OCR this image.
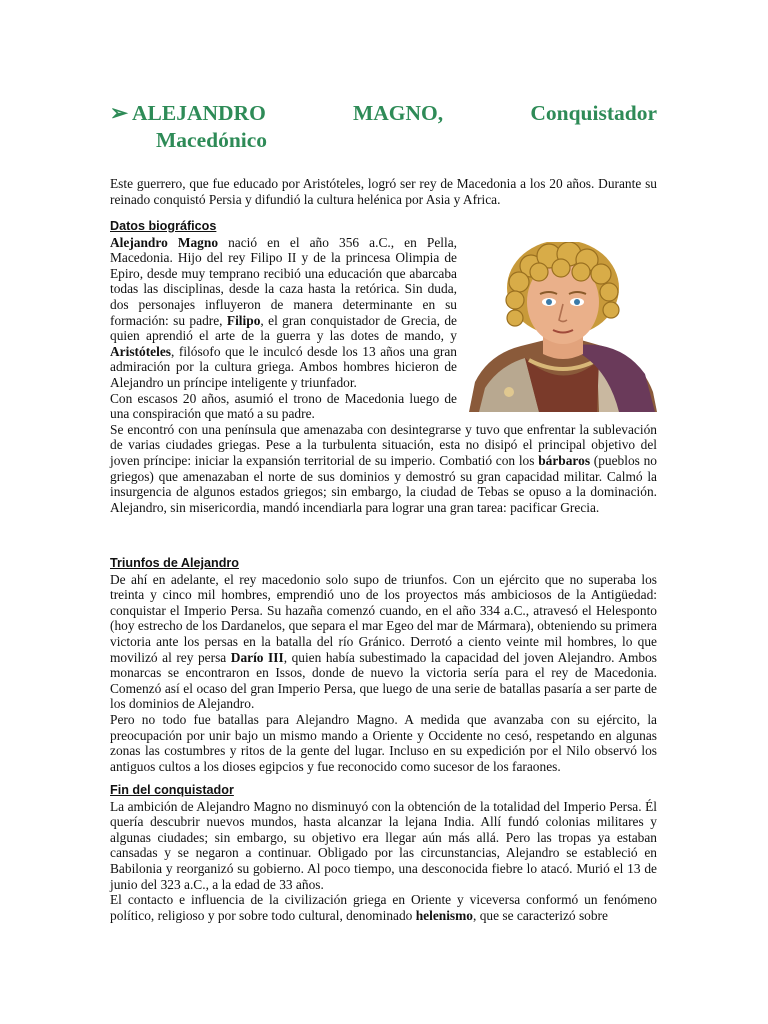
➢ ALEJANDRO	MAGNO,	Conquistador
Macedónico

Este guerrero, que fue educado por Aristóteles, logró ser rey de Macedonia a los 20 años. Durante su reinado conquistó Persia y difundió la cultura helénica por Asia y Africa.

Datos biográficos

Alejandro Magno nació en el año 356 a.C., en Pella, Macedonia. Hijo del rey Filipo II y de la princesa Olimpia de Epiro, desde muy temprano recibió una educación que abarcaba todas las disciplinas, desde la caza hasta la retórica. Sin duda, dos personajes influyeron de manera determinante en su formación: su padre, Filipo, el gran conquistador de Grecia, de quien aprendió el arte de la guerra y las dotes de mando, y Aristóteles, filósofo que le inculcó desde los 13 años una gran admiración por la cultura griega. Ambos hombres hicieron de Alejandro un príncipe inteligente y triunfador.

Con escasos 20 años, asumió el trono de Macedonia luego de una conspiración que mató a su padre.

Se encontró con una península que amenazaba con desintegrarse y tuvo que enfrentar la sublevación de varias ciudades griegas. Pese a la turbulenta situación, esta no disipó el principal objetivo del joven príncipe: iniciar la expansión territorial de su imperio. Combatió con los bárbaros (pueblos no griegos) que amenazaban el norte de sus dominios y demostró su gran capacidad militar. Calmó la insurgencia de algunos estados griegos; sin embargo, la ciudad de Tebas se opuso a la dominación. Alejandro, sin misericordia, mandó incendiarla para lograr una gran tarea: pacificar Grecia.

Triunfos de Alejandro

De ahí en adelante, el rey macedonio solo supo de triunfos. Con un ejército que no superaba los treinta y cinco mil hombres, emprendió uno de los proyectos más ambiciosos de la Antigüedad: conquistar el Imperio Persa. Su hazaña comenzó cuando, en el año 334 a.C., atravesó el Helesponto (hoy estrecho de los Dardanelos, que separa el mar Egeo del mar de Mármara), obteniendo su primera victoria ante los persas en la batalla del río Gránico. Derrotó a ciento veinte mil hombres, lo que movilizó al rey persa Darío III, quien había subestimado la capacidad del joven Alejandro. Ambos monarcas se encontraron en Issos, donde de nuevo la victoria sería para el rey de Macedonia. Comenzó así el ocaso del gran Imperio Persa, que luego de una serie de batallas pasaría a ser parte de los dominios de Alejandro.

Pero no todo fue batallas para Alejandro Magno. A medida que avanzaba con su ejército, la preocupación por unir bajo un mismo mando a Oriente y Occidente no cesó, respetando en algunas zonas las costumbres y ritos de la gente del lugar. Incluso en su expedición por el Nilo observó los antiguos cultos a los dioses egipcios y fue reconocido como sucesor de los faraones.

Fin del conquistador

La ambición de Alejandro Magno no disminuyó con la obtención de la totalidad del Imperio Persa. Él quería descubrir nuevos mundos, hasta alcanzar la lejana India. Allí fundó colonias militares y algunas ciudades; sin embargo, su objetivo era llegar aún más allá. Pero las tropas ya estaban cansadas y se negaron a continuar. Obligado por las circunstancias, Alejandro se estableció en Babilonia y reorganizó su gobierno. Al poco tiempo, una desconocida fiebre lo atacó. Murió el 13 de junio del 323 a.C., a la edad de 33 años.

El contacto e influencia de la civilización griega en Oriente y viceversa conformó un fenómeno político, religioso y por sobre todo cultural, denominado helenismo, que se caracterizó sobre
